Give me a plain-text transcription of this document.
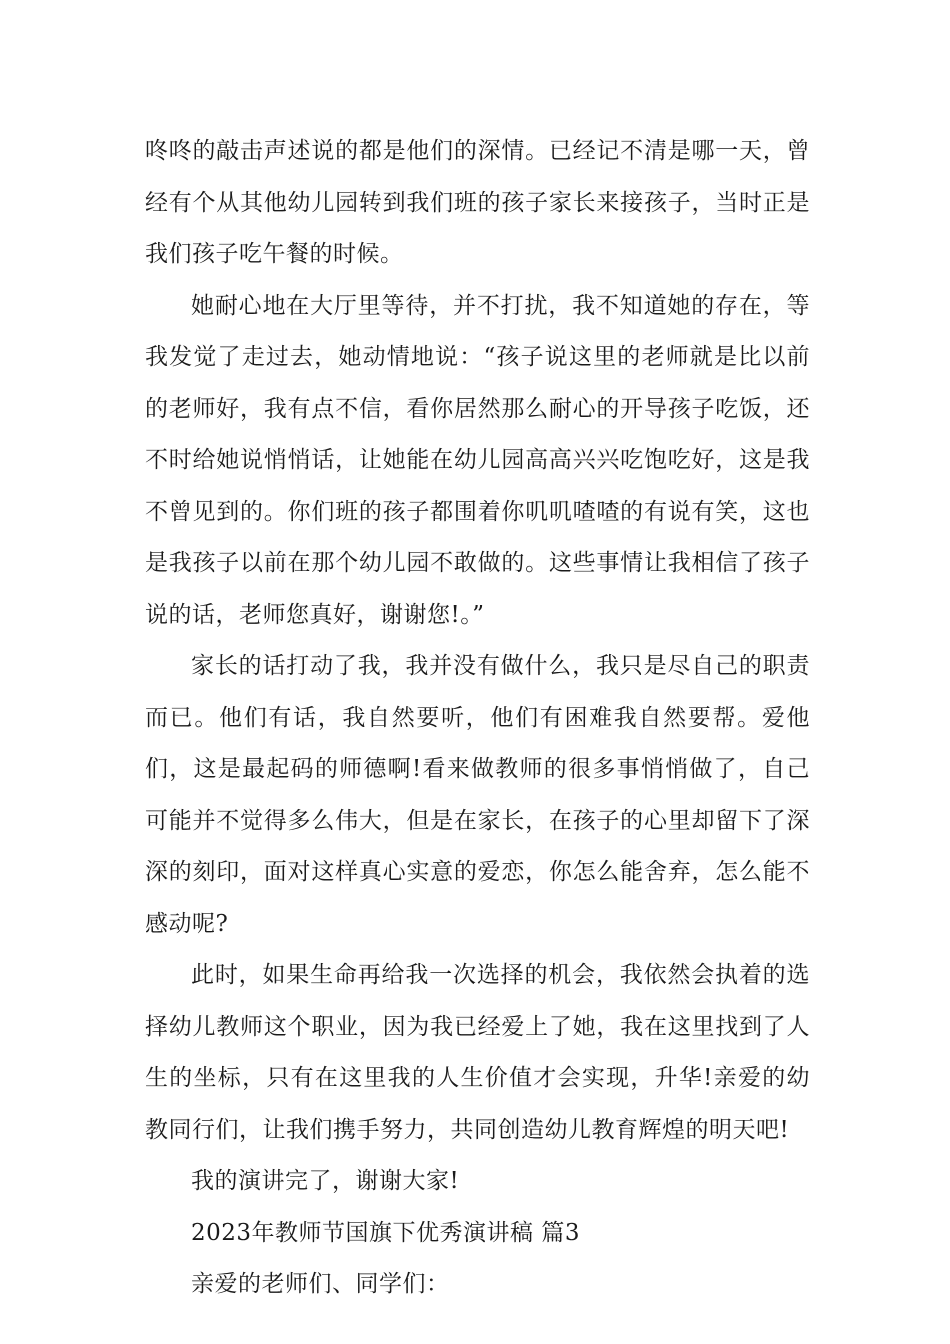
咚咚的敲击声述说的都是他们的深情。已经记不清是哪一天，曾经有个从其他幼儿园转到我们班的孩子家长来接孩子，当时正是我们孩子吃午餐的时候。

她耐心地在大厅里等待，并不打扰，我不知道她的存在，等我发觉了走过去，她动情地说：“孩子说这里的老师就是比以前的老师好，我有点不信，看你居然那么耐心的开导孩子吃饭，还不时给她说悄悄话，让她能在幼儿园高高兴兴吃饱吃好，这是我不曾见到的。你们班的孩子都围着你叽叽喳喳的有说有笑，这也是我孩子以前在那个幼儿园不敢做的。这些事情让我相信了孩子说的话，老师您真好，谢谢您!。”

家长的话打动了我，我并没有做什么，我只是尽自己的职责而已。他们有话，我自然要听，他们有困难我自然要帮。爱他们，这是最起码的师德啊!看来做教师的很多事悄悄做了，自己可能并不觉得多么伟大，但是在家长，在孩子的心里却留下了深深的刻印，面对这样真心实意的爱恋，你怎么能舍弃，怎么能不感动呢?

此时，如果生命再给我一次选择的机会，我依然会执着的选择幼儿教师这个职业，因为我已经爱上了她，我在这里找到了人生的坐标，只有在这里我的人生价值才会实现，升华!亲爱的幼教同行们，让我们携手努力，共同创造幼儿教育辉煌的明天吧!

我的演讲完了，谢谢大家!

2023年教师节国旗下优秀演讲稿 篇3

亲爱的老师们、同学们：
